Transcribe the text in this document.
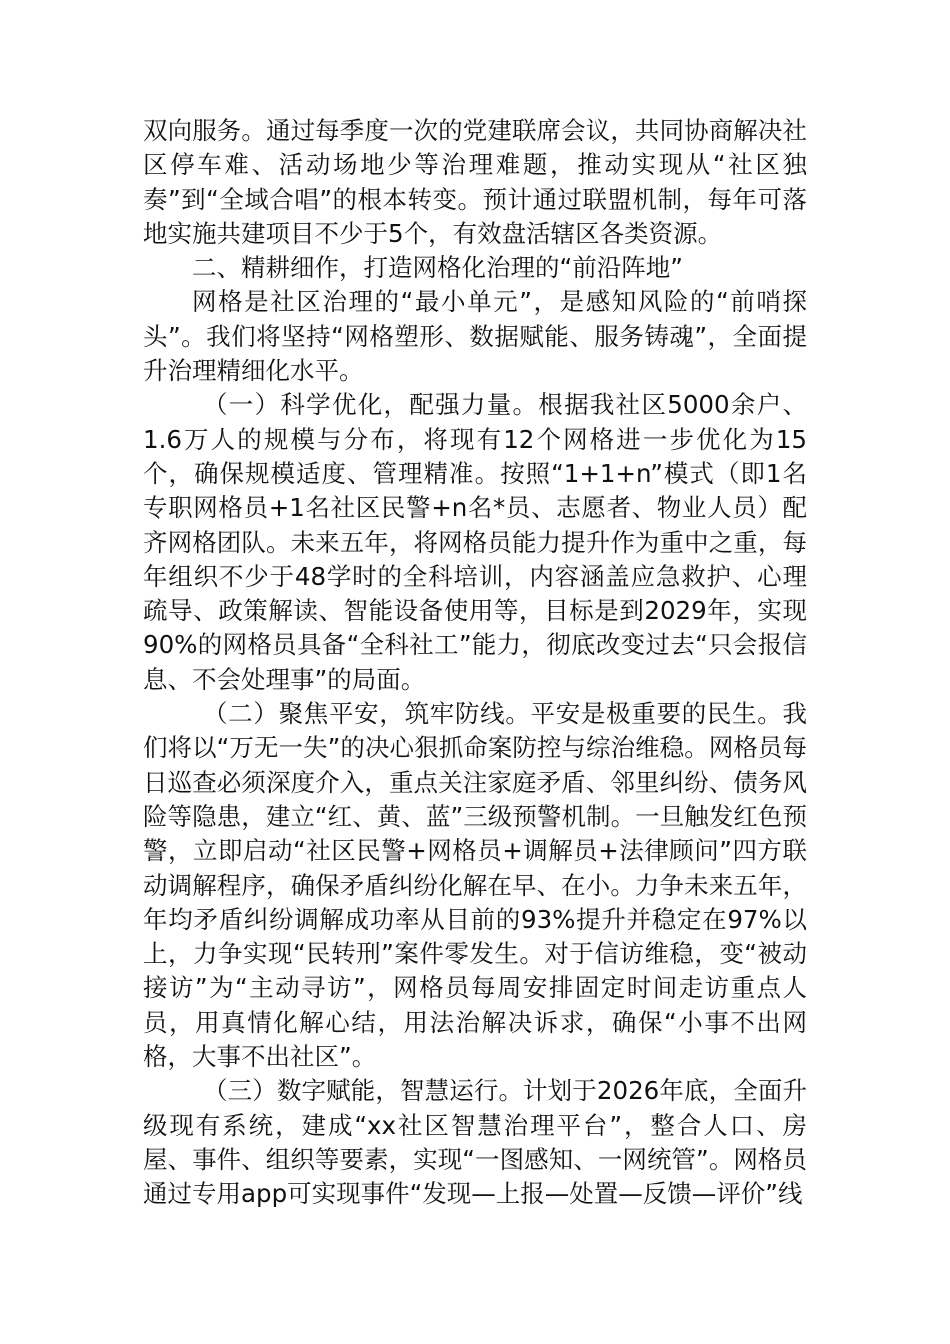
双向服务。通过每季度一次的党建联席会议，共同协商解决社区停车难、活动场地少等治理难题，推动实现从“社区独奏”到“全域合唱”的根本转变。预计通过联盟机制，每年可落地实施共建项目不少于5个，有效盘活辖区各类资源。

二、精耕细作，打造网格化治理的“前沿阵地”

网格是社区治理的“最小单元”，是感知风险的“前哨探头”。我们将坚持“网格塑形、数据赋能、服务铸魂”，全面提升治理精细化水平。

（一）科学优化，配强力量。根据我社区5000余户、1.6万人的规模与分布，将现有12个网格进一步优化为15个，确保规模适度、管理精准。按照“1+1+n”模式（即1名专职网格员+1名社区民警+n名*员、志愿者、物业人员）配齐网格团队。未来五年，将网格员能力提升作为重中之重，每年组织不少于48学时的全科培训，内容涵盖应急救护、心理疏导、政策解读、智能设备使用等，目标是到2029年，实现90%的网格员具备“全科社工”能力，彻底改变过去“只会报信息、不会处理事”的局面。

（二）聚焦平安，筑牢防线。平安是极重要的民生。我们将以“万无一失”的决心狠抓命案防控与综治维稳。网格员每日巡查必须深度介入，重点关注家庭矛盾、邻里纠纷、债务风险等隐患，建立“红、黄、蓝”三级预警机制。一旦触发红色预警，立即启动“社区民警+网格员+调解员+法律顾问”四方联动调解程序，确保矛盾纠纷化解在早、在小。力争未来五年，年均矛盾纠纷调解成功率从目前的93%提升并稳定在97%以上，力争实现“民转刑”案件零发生。对于信访维稳，变“被动接访”为“主动寻访”，网格员每周安排固定时间走访重点人员，用真情化解心结，用法治解决诉求，确保“小事不出网格，大事不出社区”。

（三）数字赋能，智慧运行。计划于2026年底，全面升级现有系统，建成“xx社区智慧治理平台”，整合人口、房屋、事件、组织等要素，实现“一图感知、一网统管”。网格员通过专用app可实现事件“发现—上报—处置—反馈—评价”线
